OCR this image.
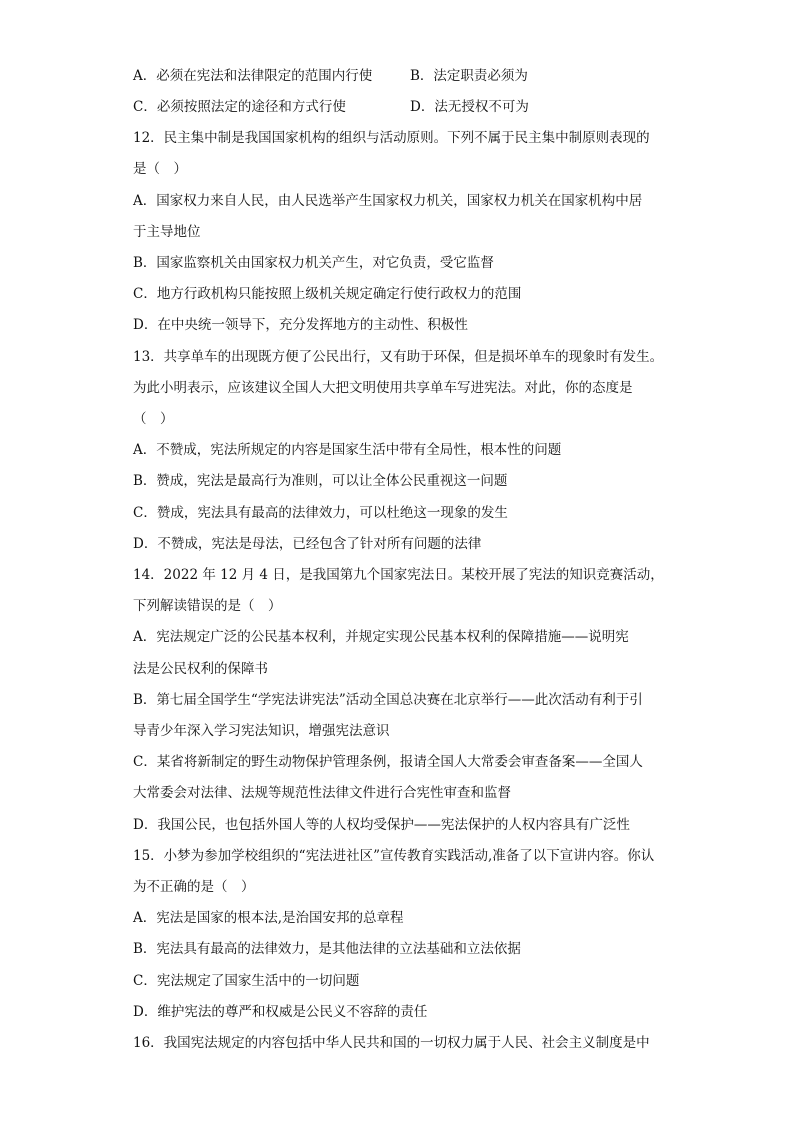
A．必须在宪法和法律限定的范围内行使	B．法定职责必须为
C．必须按照法定的途径和方式行使	D．法无授权不可为
12．民主集中制是我国国家机构的组织与活动原则。下列不属于民主集中制原则表现的
是（　）
A．国家权力来自人民，由人民选举产生国家权力机关，国家权力机关在国家机构中居
于主导地位
B．国家监察机关由国家权力机关产生，对它负责，受它监督
C．地方行政机构只能按照上级机关规定确定行使行政权力的范围
D．在中央统一领导下，充分发挥地方的主动性、积极性
13．共享单车的出现既方便了公民出行，又有助于环保，但是损坏单车的现象时有发生。
为此小明表示，应该建议全国人大把文明使用共享单车写进宪法。对此，你的态度是
（　）
A．不赞成，宪法所规定的内容是国家生活中带有全局性，根本性的问题
B．赞成，宪法是最高行为准则，可以让全体公民重视这一问题
C．赞成，宪法具有最高的法律效力，可以杜绝这一现象的发生
D．不赞成，宪法是母法，已经包含了针对所有问题的法律
14．2022 年 12 月 4 日，是我国第九个国家宪法日。某校开展了宪法的知识竞赛活动，
下列解读错误的是（　）
A．宪法规定广泛的公民基本权利，并规定实现公民基本权利的保障措施——说明宪
法是公民权利的保障书
B．第七届全国学生“学宪法讲宪法”活动全国总决赛在北京举行——此次活动有利于引
导青少年深入学习宪法知识，增强宪法意识
C．某省将新制定的野生动物保护管理条例，报请全国人大常委会审查备案——全国人
大常委会对法律、法规等规范性法律文件进行合宪性审查和监督
D．我国公民，也包括外国人等的人权均受保护——宪法保护的人权内容具有广泛性
15．小梦为参加学校组织的“宪法进社区”宣传教育实践活动,准备了以下宣讲内容。你认
为不正确的是（　）
A．宪法是国家的根本法,是治国安邦的总章程
B．宪法具有最高的法律效力，是其他法律的立法基础和立法依据
C．宪法规定了国家生活中的一切问题
D．维护宪法的尊严和权威是公民义不容辞的责任
16．我国宪法规定的内容包括中华人民共和国的一切权力属于人民、社会主义制度是中
